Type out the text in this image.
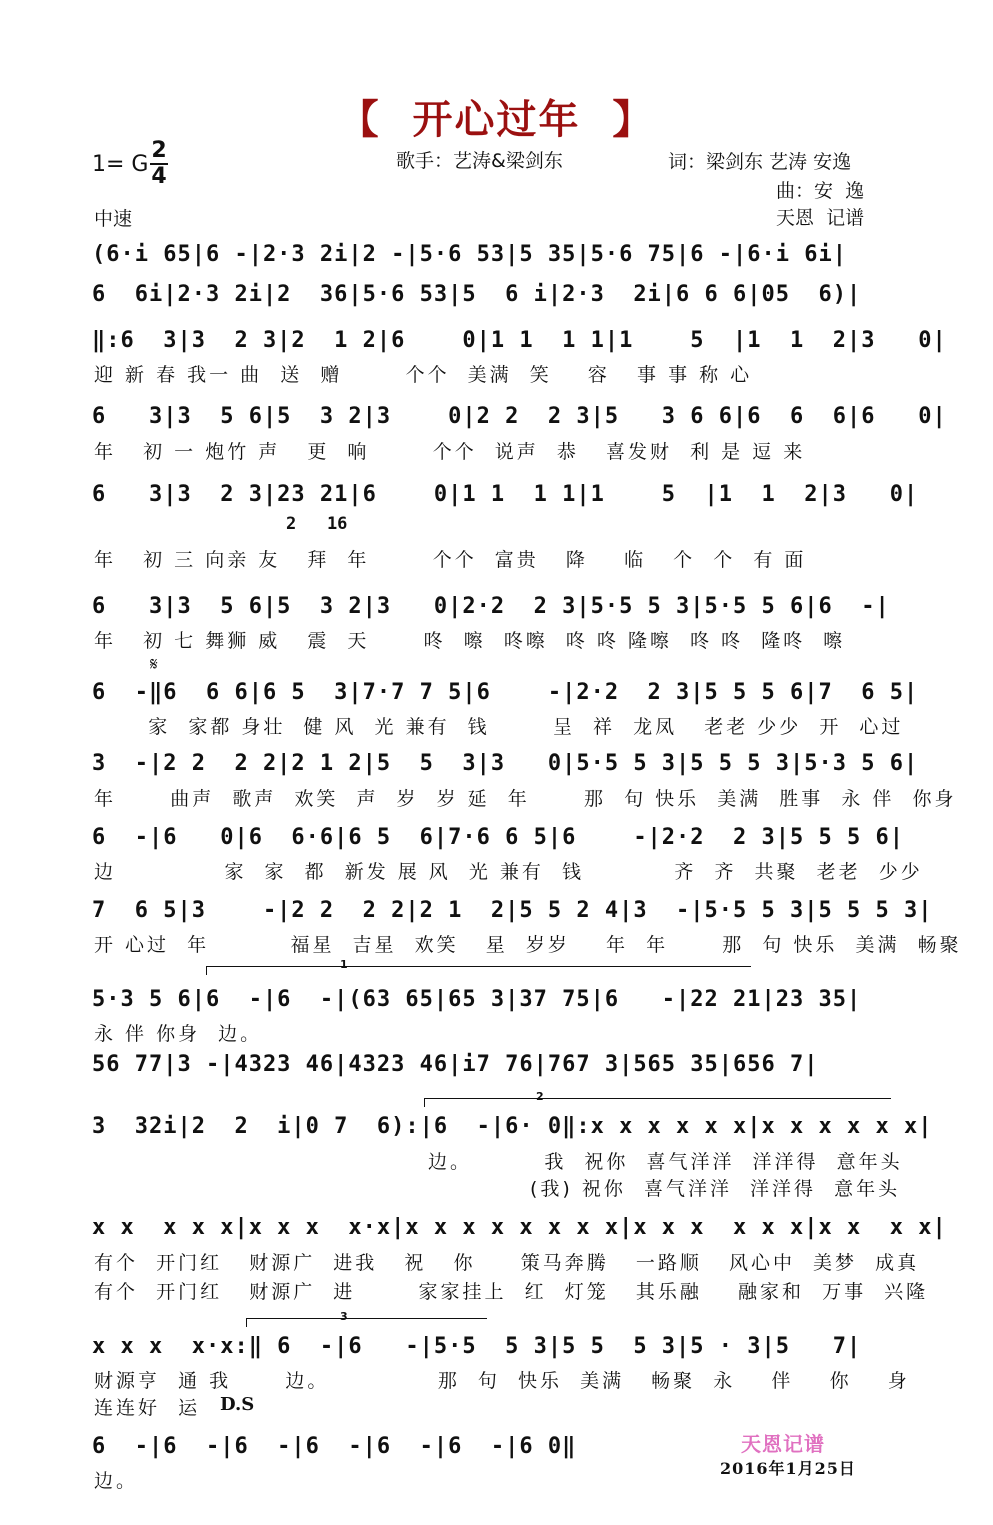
【  开心过年  】
1= G
2
4
歌手：艺涛&梁剑东	词：梁剑东 艺涛 安逸
曲：安  逸
天恩  记谱
中速
(6·i 65|6 -|2·3 2i|2 -|5·6 53|5 35|5·6 75|6 -|6·i 6i|
6  6i|2·3 2i|2  36|5·6 53|5  6 i|2·3  2i|6 6 6|05  6)|
‖:6  3|3  2 3|2  1 2|6    0|1 1  1 1|1    5  |1  1  2|3   0|
迎 新 春 我一 曲  送  赠       个个  美满  笑    容   事 事 称 心
6   3|3  5 6|5  3 2|3    0|2 2  2 3|5   3 6 6|6  6  6|6   0|
年   初 一 炮竹 声   更  响       个个  说声  恭   喜发财  利 是 逗 来
6   3|3  2 3|23 21|6    0|1 1  1 1|1    5  |1  1  2|3   0|
2   16
年   初 三 向亲 友   拜  年       个个  富贵   降    临   个  个  有 面
6   3|3  5 6|5  3 2|3   0|2·2  2 3|5·5 5 3|5·5 5 6|6  -|
年   初 七 舞狮 威   震  天      咚  嚓  咚嚓  咚 咚 隆嚓  咚 咚  隆咚  嚓
𝄋
6  -‖6  6 6|6 5  3|7·7 7 5|6    -|2·2  2 3|5 5 5 6|7  6 5|
家  家都 身壮  健 风  光 兼有  钱       呈  祥  龙凤   老老 少少  开  心过
3  -|2 2  2 2|2 1 2|5  5  3|3   0|5·5 5 3|5 5 5 3|5·3 5 6|
年      曲声  歌声  欢笑  声  岁  岁 延  年      那  句 快乐  美满  胜事  永 伴  你身
6  -|6   0|6  6·6|6 5  6|7·6 6 5|6    -|2·2  2 3|5 5 5 6|
边            家  家  都  新发 展 风  光 兼有  钱          齐  齐  共聚  老老  少少
7  6 5|3    -|2 2  2 2|2 1  2|5 5 2 4|3  -|5·5 5 3|5 5 5 3|
开 心过  年         福星  吉星  欢笑   星  岁岁    年  年      那  句 快乐  美满  畅聚
1
5·3 5 6|6  -|6  -|(63 65|65 3|37 75|6   -|22 21|23 35|
永 伴 你身  边。
56 77|3 -|4323 46|4323 46|i7 76|767 3|565 35|656 7|
2
3  32i|2  2  i|0 7  6):|6  -|6· 0‖:x x x x x x|x x x x x x|
边。        我  祝你  喜气洋洋  洋洋得  意年头
(我) 祝你  喜气洋洋  洋洋得  意年头
x x  x x x|x x x  x·x|x x x x x x x x|x x x  x x x|x x  x x|
有个  开门红   财源广  进我   祝   你     策马奔腾   一路顺   风心中  美梦  成真
有个  开门红   财源广  进       家家挂上  红  灯笼   其乐融    融家和  万事  兴隆
3
x x x  x·x:‖ 6  -|6   -|5·5  5 3|5 5  5 3|5 · 3|5   7|
财源亨  通 我      边。            那  句  快乐  美满   畅聚  永    伴    你    身
连连好  运 D.S
6  -|6  -|6  -|6  -|6  -|6  -|6 0‖
边。
天恩记谱
2016年1月25日
